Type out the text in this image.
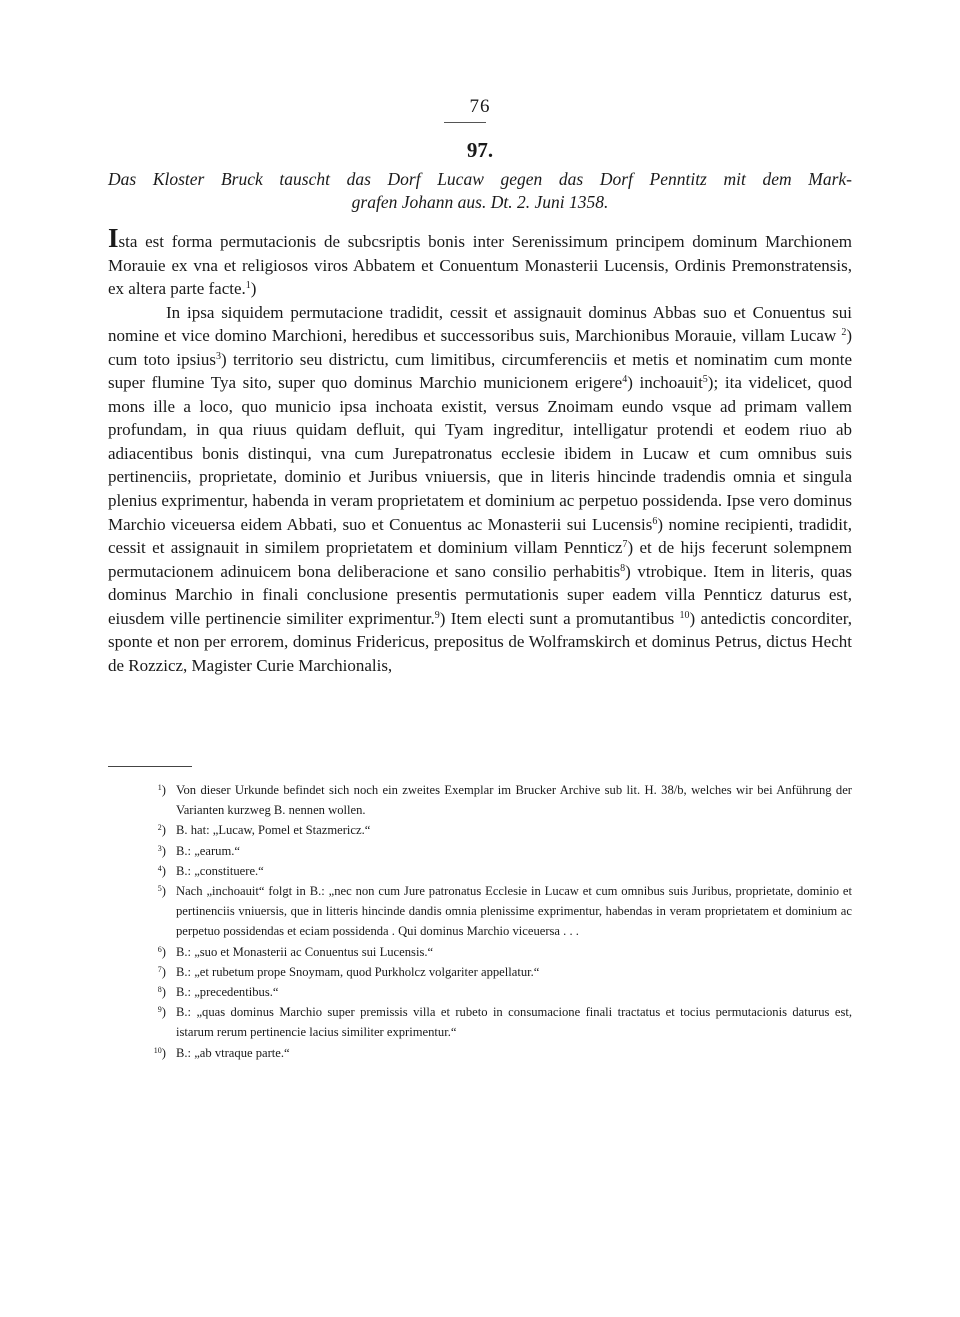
76
97.
Das Kloster Bruck tauscht das Dorf Lucaw gegen das Dorf Penntitz mit dem Mark-
grafen Johann aus. Dt. 2. Juni 1358.

Ista est forma permutacionis de subcsriptis bonis inter Serenissimum principem dominum Marchionem Morauie ex vna et religiosos viros Abbatem et Conuentum Monasterii Lucensis, Ordinis Premonstratensis, ex altera parte facte.$^1$)

In ipsa siquidem permutacione tradidit, cessit et assignauit dominus Abbas suo et Conuentus sui nomine et vice domino Marchioni, heredibus et successoribus suis, Marchionibus Morauie, villam Lucaw $^2$) cum toto ipsius$^3$) territorio seu districtu, cum limitibus, circumferenciis et metis et nominatim cum monte super flumine Tya sito, super quo dominus Marchio municionem erigere$^4$) inchoauit$^5$); ita videlicet, quod mons ille a loco, quo municio ipsa inchoata existit, versus Znoimam eundo vsque ad primam vallem profundam, in qua riuus quidam defluit, qui Tyam ingreditur, intelligatur protendi et eodem riuo ab adiacentibus bonis distinqui, vna cum Jurepatronatus ecclesie ibidem in Lucaw et cum omnibus suis pertinenciis, proprietate, dominio et Juribus vniuersis, que in literis hincinde tradendis omnia et singula plenius exprimentur, habenda in veram proprietatem et dominium ac perpetuo possidenda. Ipse vero dominus Marchio viceuersa eidem Abbati, suo et Conuentus ac Monasterii sui Lucensis$^6$) nomine recipienti, tradidit, cessit et assignauit in similem proprietatem et dominium villam Pennticz$^7$) et de hijs fecerunt solempnem permutacionem adinuicem bona deliberacione et sano consilio perhabitis$^8$) vtrobique. Item in literis, quas dominus Marchio in finali conclusione presentis permutationis super eadem villa Pennticz daturus est, eiusdem ville pertinencie similiter exprimentur.$^9$) Item electi sunt a promutantibus $^{10}$) antedictis concorditer, sponte et non per errorem, dominus Fridericus, prepositus de Wolframskirch et dominus Petrus, dictus Hecht de Rozzicz, Magister Curie Marchionalis,

$^1$) Von dieser Urkunde befindet sich noch ein zweites Exemplar im Brucker Archive sub lit. H. 38/b, welches wir bei Anführung der Varianten kurzweg B. nennen wollen.
$^2$) B. hat: „Lucaw, Pomel et Stazmericz.“
$^3$) B.: „earum.“
$^4$) B.: „constituere.“
$^5$) Nach „inchoauit“ folgt in B.: „nec non cum Jure patronatus Ecclesie in Lucaw et cum omnibus suis Juribus, proprietate, dominio et pertinenciis vniuersis, que in litteris hincinde dandis omnia plenissime exprimentur, habendas in veram proprietatem et dominium ac perpetuo possidendas et eciam possidenda . Qui dominus Marchio viceuersa . . .
$^6$) B.: „suo et Monasterii ac Conuentus sui Lucensis.“
$^7$) B.: „et rubetum prope Snoymam, quod Purkholcz volgariter appellatur.“
$^8$) B.: „precedentibus.“
$^9$) B.: „quas dominus Marchio super premissis villa et rubeto in consumacione finali tractatus et tocius permutacionis daturus est, istarum rerum pertinencie lacius similiter exprimentur.“
$^{10}$) B.: „ab vtraque parte.“
